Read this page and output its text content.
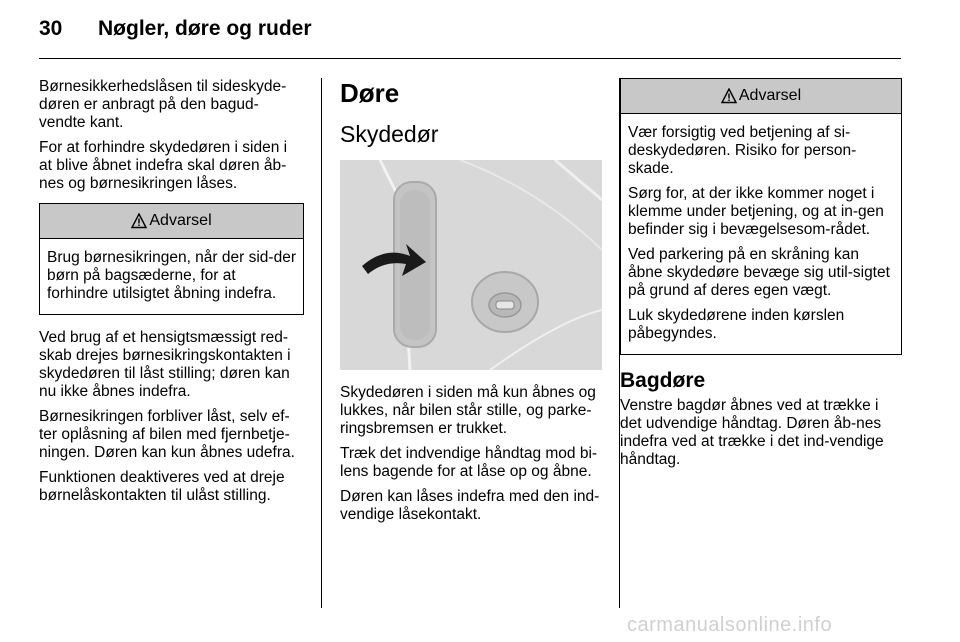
30 Nøgler, døre og ruder

Børnesikkerhedslåsen til sideskyde-døren er anbragt på den bagud-vendte kant.

For at forhindre skydedøren i siden i at blive åbnet indefra skal døren åb-nes og børnesikringen låses.

Advarsel

Brug børnesikringen, når der sid-der børn på bagsæderne, for at forhindre utilsigtet åbning indefra.

Ved brug af et hensigtsmæssigt red-skab drejes børnesikringskontakten i skydedøren til låst stilling; døren kan nu ikke åbnes indefra.

Børnesikringen forbliver låst, selv ef-ter oplåsning af bilen med fjernbetje-ningen. Døren kan kun åbnes udefra.

Funktionen deaktiveres ved at dreje børnelåskontakten til ulåst stilling.

Døre
Skydedør

Skydedøren i siden må kun åbnes og lukkes, når bilen står stille, og parke-ringsbremsen er trukket.

Træk det indvendige håndtag mod bi-lens bagende for at låse op og åbne.

Døren kan låses indefra med den ind-vendige låsekontakt.

Advarsel

Vær forsigtig ved betjening af si-deskydedøren. Risiko for person-skade.

Sørg for, at der ikke kommer noget i klemme under betjening, og at in-gen befinder sig i bevægelsesom-rådet.

Ved parkering på en skråning kan åbne skydedøre bevæge sig util-sigtet på grund af deres egen vægt.

Luk skydedørene inden kørslen påbegyndes.

Bagdøre

Venstre bagdør åbnes ved at trække i det udvendige håndtag. Døren åb-nes indefra ved at trække i det ind-vendige håndtag.

carmanualsonline.info
